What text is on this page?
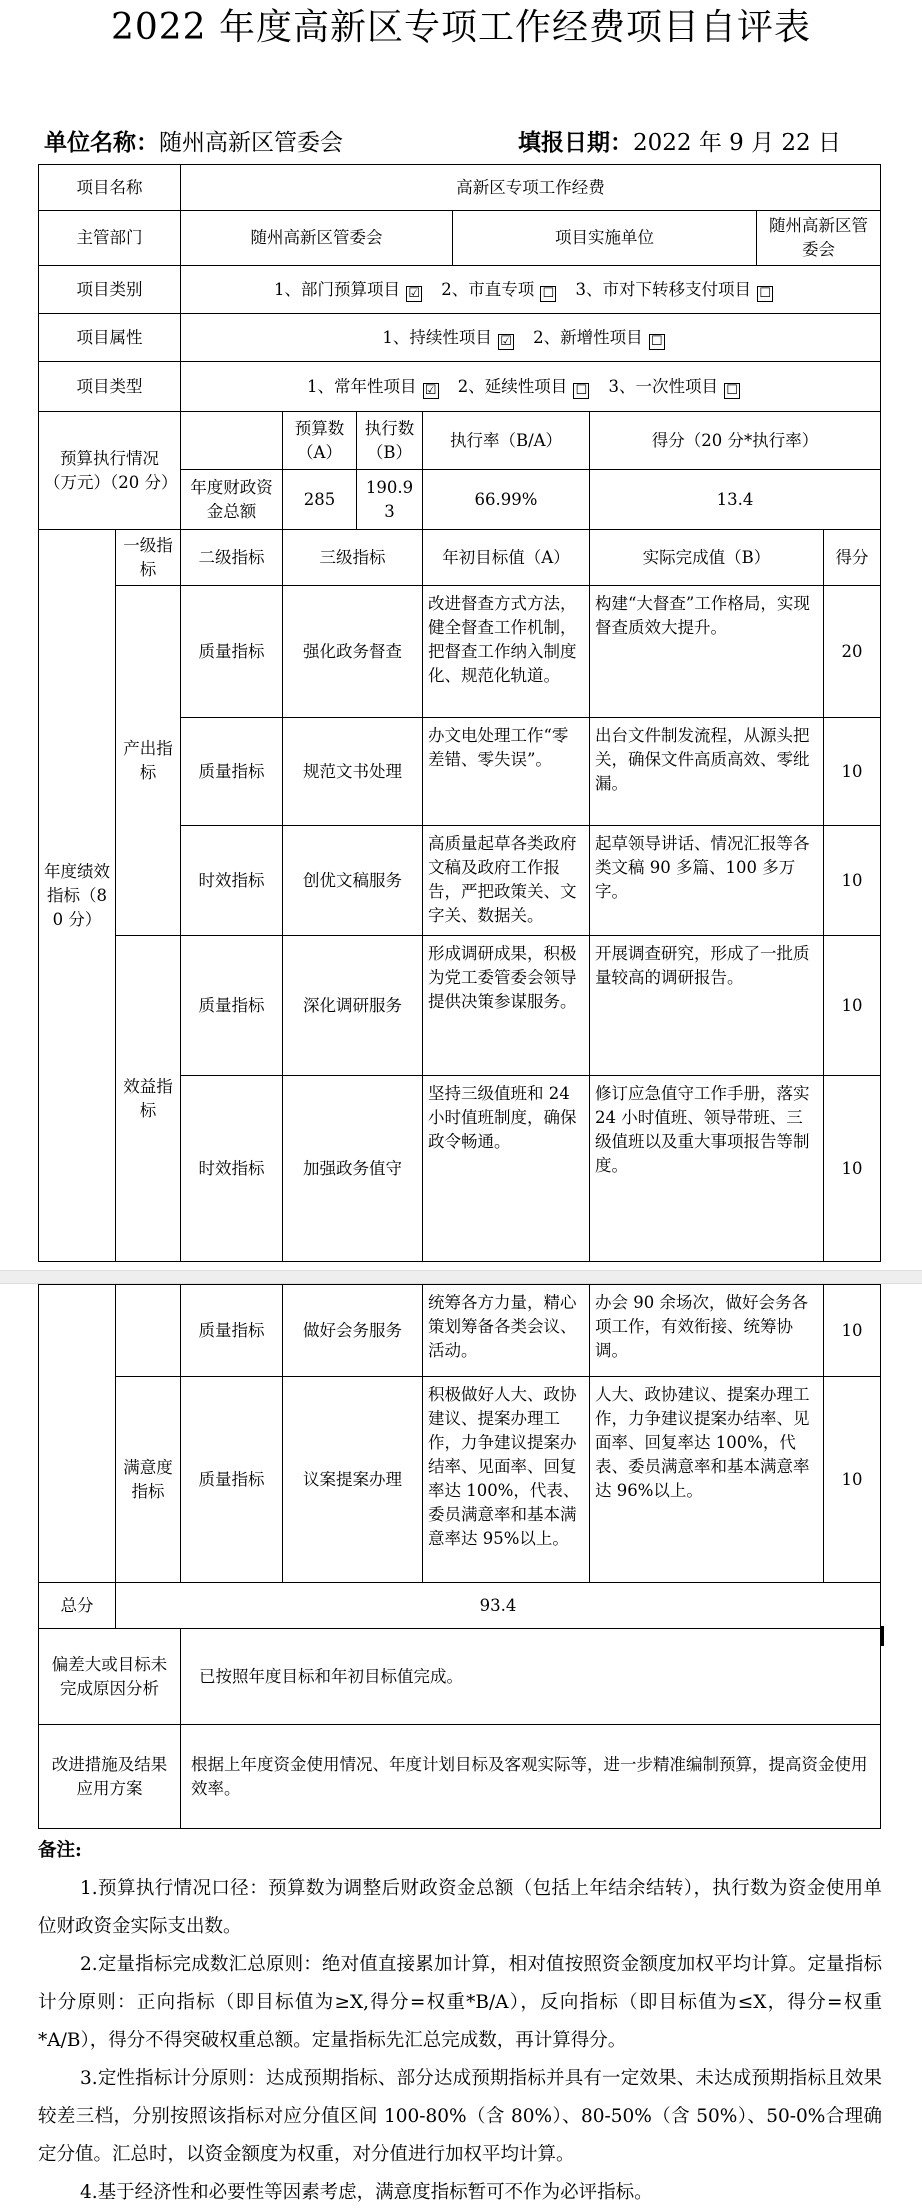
2022 年度高新区专项工作经费项目自评表
单位名称：随州高新区管委会	填报日期：2022 年 9 月 22 日
项目名称		高新区专项工作经费							
主管部门		随州高新区管委会				项目实施单位		随州高新区管委会	
项目类别		1、部门预算项目 ☑ 2、市直专项 ☐ 3、市对下转移支付项目 ☐							
项目属性		1、持续性项目 ☑ 2、新增性项目 ☐							
项目类型		1、常年性项目 ☑ 2、延续性项目 ☐ 3、一次性项目 ☐							
预算执行情况（万元）（20 分）			预算数（A）	执行数（B）	执行率（B/A）		得分（20 分*执行率）		
		年度财政资金总额	285	190.93	66.99%		13.4		
年度绩效指标（80 分）	一级指标	二级指标	三级指标		年初目标值（A）		实际完成值（B）		得分
	产出指标	质量指标	强化政务督查		改进督查方式方法，健全督查工作机制，把督查工作纳入制度化、规范化轨道。		构建“大督查”工作格局，实现督查质效大提升。		20
		质量指标	规范文书处理		办文电处理工作“零差错、零失误”。		出台文件制发流程，从源头把关，确保文件高质高效、零纰漏。		10
		时效指标	创优文稿服务		高质量起草各类政府文稿及政府工作报告，严把政策关、文字关、数据关。		起草领导讲话、情况汇报等各类文稿 90 多篇、100 多万字。		10
	效益指标	质量指标	深化调研服务		形成调研成果，积极为党工委管委会领导提供决策参谋服务。		开展调查研究，形成了一批质量较高的调研报告。		10
		时效指标	加强政务值守		坚持三级值班和 24 小时值班制度，确保政令畅通。		修订应急值守工作手册，落实 24 小时值班、领导带班、三级值班以及重大事项报告等制度。		10
		质量指标	做好会务服务	统筹各方力量，精心策划筹备各类会议、活动。	办会 90 余场次，做好会务各项工作，有效衔接、统筹协调。	10
	满意度指标	质量指标	议案提案办理	积极做好人大、政协建议、提案办理工作，力争建议提案办结率、见面率、回复率达 100%，代表、委员满意率和基本满意率达 95%以上。	人大、政协建议、提案办理工作，力争建议提案办结率、见面率、回复率达 100%，代表、委员满意率和基本满意率达 96%以上。	10
总分	93.4					
偏差大或目标未完成原因分析		已按照年度目标和年初目标值完成。				
改进措施及结果应用方案		根据上年度资金使用情况、年度计划目标及客观实际等，进一步精准编制预算，提高资金使用效率。				

备注:

1.预算执行情况口径：预算数为调整后财政资金总额（包括上年结余结转），执行数为资金使用单位财政资金实际支出数。

2.定量指标完成数汇总原则：绝对值直接累加计算，相对值按照资金额度加权平均计算。定量指标计分原则：正向指标（即目标值为≥X,得分=权重*B/A），反向指标（即目标值为≤X，得分=权重*A/B），得分不得突破权重总额。定量指标先汇总完成数，再计算得分。

3.定性指标计分原则：达成预期指标、部分达成预期指标并具有一定效果、未达成预期指标且效果较差三档，分别按照该指标对应分值区间 100-80%（含 80%）、80-50%（含 50%）、50-0%合理确定分值。汇总时，以资金额度为权重，对分值进行加权平均计算。

4.基于经济性和必要性等因素考虑，满意度指标暂可不作为必评指标。
